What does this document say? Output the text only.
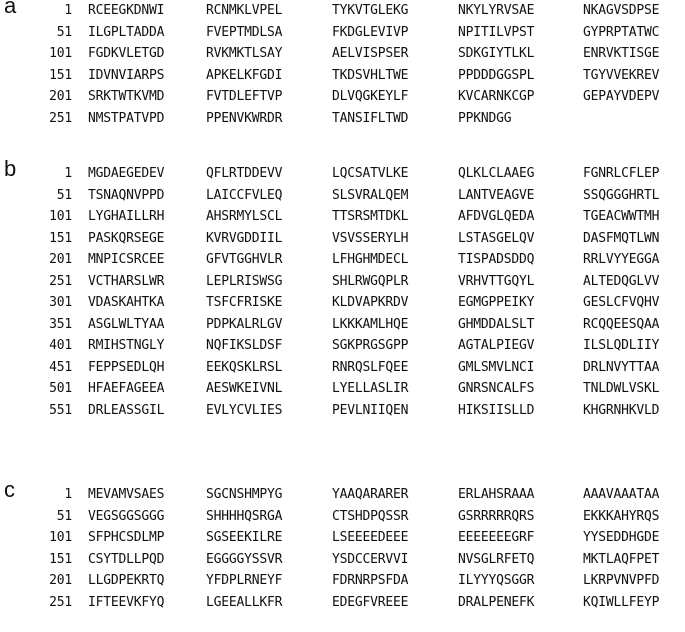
a	1 RCEEGKDNWI	RCNMKLVPEL	TYKVTGLEKG	NKYLYRVSAE	NKAGVSDPSE
51 ILGPLTADDA	FVEPTMDLSA	FKDGLEVIVP	NPITILVPST	GYPRPTATWC
101 FGDKVLETGD	RVKMKTLSAY	AELVISPSER	SDKGIYTLKL	ENRVKTISGE
151 IDVNVIARPS	APKELKFGDI	TKDSVHLTWE	PPDDDGGSPL	TGYVVEKREV
201 SRKTWTKVMD	FVTDLEFTVP	DLVQGKEYLF	KVCARNKCGP	GEPAYVDEPV
251 NMSTPATVPD	PPENVKWRDR	TANSIFLTWD	PPKNDGG
b	1 MGDAEGEDEV	QFLRTDDEVV	LQCSATVLKE	QLKLCLAAEG	FGNRLCFLEP
51 TSNAQNVPPD	LAICCFVLEQ	SLSVRALQEM	LANTVEAGVE	SSQGGGHRTL
101 LYGHAILLRH	AHSRMYLSCL	TTSRSMTDKL	AFDVGLQEDA	TGEACWWTMH
151 PASKQRSEGE	KVRVGDDIIL	VSVSSERYLH	LSTASGELQV	DASFMQTLWN
201 MNPICSRCEE	GFVTGGHVLR	LFHGHMDECL	TISPADSDDQ	RRLVYYEGGA
251 VCTHARSLWR	LEPLRISWSG	SHLRWGQPLR	VRHVTTGQYL	ALTEDQGLVV
301 VDASKAHTKA	TSFCFRISKE	KLDVAPKRDV	EGMGPPEIKY	GESLCFVQHV
351 ASGLWLTYAA	PDPKALRLGV	LKKKAMLHQE	GHMDDALSLT	RCQQEESQAA
401 RMIHSTNGLY	NQFIKSLDSF	SGKPRGSGPP	AGTALPIEGV	ILSLQDLIIY
451 FEPPSEDLQH	EEKQSKLRSL	RNRQSLFQEE	GMLSMVLNCI	DRLNVYTTAA
501 HFAEFAGEEA	AESWKEIVNL	LYELLASLIR	GNRSNCALFS	TNLDWLVSKL
551 DRLEASSGIL	EVLYCVLIES	PEVLNIIQEN	HIKSIISLLD	KHGRNHKVLD
c	1 MEVAMVSAES	SGCNSHMPYG	YAAQARARER	ERLAHSRAAA	AAAVAAATAA
51 VEGSGGSGGG	SHHHHQSRGA	CTSHDPQSSR	GSRRRRRQRS	EKKKAHYRQS
101 SFPHCSDLMP	SGSEEKILRE	LSEEEEDEEE	EEEEEEEGRF	YYSEDDHGDE
151 CSYTDLLPQD	EGGGGYSSVR	YSDCCERVVI	NVSGLRFETQ	MKTLAQFPET
201 LLGDPEKRTQ	YFDPLRNEYF	FDRNRPSFDA	ILYYYQSGGR	LKRPVNVPFD
251 IFTEEVKFYQ	LGEEALLKFR	EDEGFVREEE	DRALPENEFK	KQIWLLFEYP
